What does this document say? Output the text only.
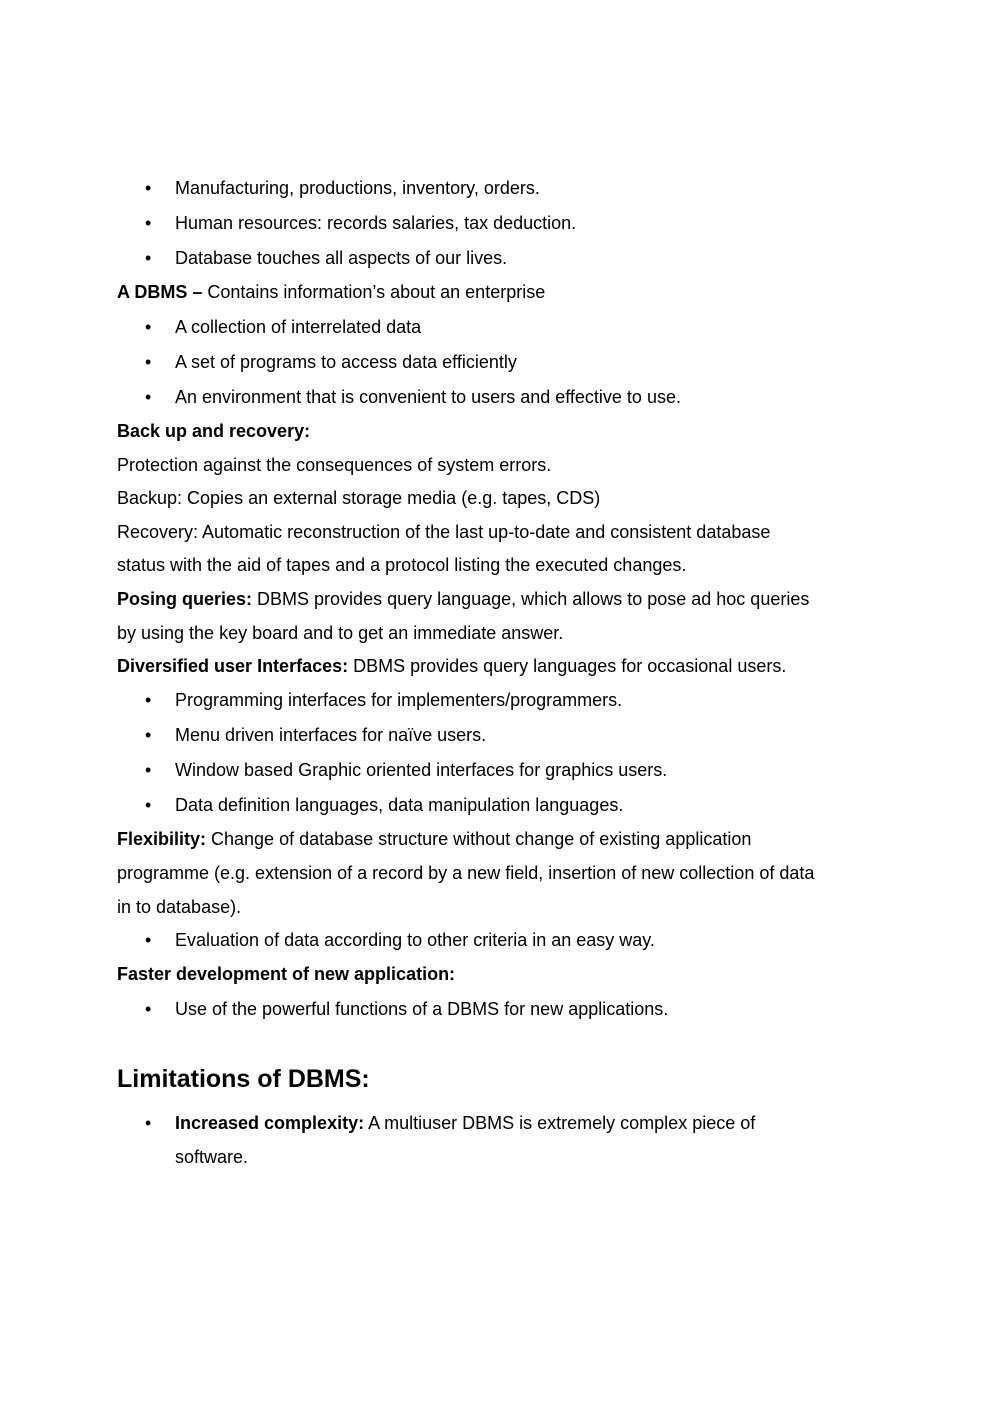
• Manufacturing, productions, inventory, orders.
• Human resources: records salaries, tax deduction.
• Database touches all aspects of our lives.
A DBMS – Contains information’s about an enterprise
• A collection of interrelated data
• A set of programs to access data efficiently
• An environment that is convenient to users and effective to use.
Back up and recovery:
Protection against the consequences of system errors.
Backup: Copies an external storage media (e.g. tapes, CDS)
Recovery: Automatic reconstruction of the last up-to-date and consistent database
status with the aid of tapes and a protocol listing the executed changes.
Posing queries: DBMS provides query language, which allows to pose ad hoc queries
by using the key board and to get an immediate answer.
Diversified user Interfaces: DBMS provides query languages for occasional users.
• Programming interfaces for implementers/programmers.
• Menu driven interfaces for naïve users.
• Window based Graphic oriented interfaces for graphics users.
• Data definition languages, data manipulation languages.
Flexibility: Change of database structure without change of existing application
programme (e.g. extension of a record by a new field, insertion of new collection of data
in to database).
• Evaluation of data according to other criteria in an easy way.
Faster development of new application:
• Use of the powerful functions of a DBMS for new applications.
Limitations of DBMS:
• Increased complexity: A multiuser DBMS is extremely complex piece of
software.
